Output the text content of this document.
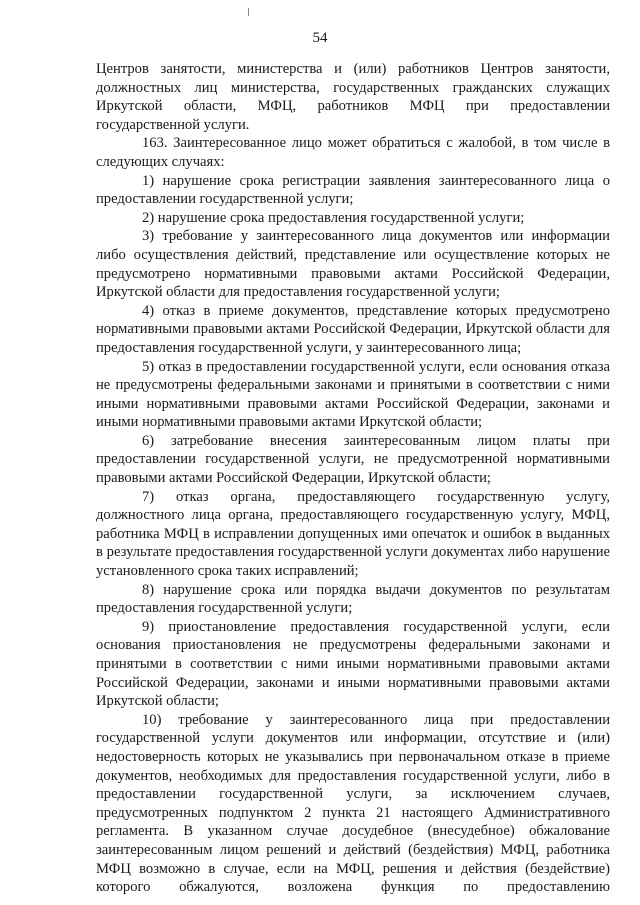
54

Центров занятости, министерства и (или) работников Центров занятости, должностных лиц министерства, государственных гражданских служащих Иркутской области, МФЦ, работников МФЦ при предоставлении государственной услуги.

163. Заинтересованное лицо может обратиться с жалобой, в том числе в следующих случаях:

1) нарушение срока регистрации заявления заинтересованного лица о предоставлении государственной услуги;

2) нарушение срока предоставления государственной услуги;

3) требование у заинтересованного лица документов или информации либо осуществления действий, представление или осуществление которых не предусмотрено нормативными правовыми актами Российской Федерации, Иркутской области для предоставления государственной услуги;

4) отказ в приеме документов, представление которых предусмотрено нормативными правовыми актами Российской Федерации, Иркутской области для предоставления государственной услуги, у заинтересованного лица;

5) отказ в предоставлении государственной услуги, если основания отказа не предусмотрены федеральными законами и принятыми в соответствии с ними иными нормативными правовыми актами Российской Федерации, законами и иными нормативными правовыми актами Иркутской области;

6) затребование внесения заинтересованным лицом платы при предоставлении государственной услуги, не предусмотренной нормативными правовыми актами Российской Федерации, Иркутской области;

7) отказ органа, предоставляющего государственную услугу, должностного лица органа, предоставляющего государственную услугу, МФЦ, работника МФЦ в исправлении допущенных ими опечаток и ошибок в выданных в результате предоставления государственной услуги документах либо нарушение установленного срока таких исправлений;

8) нарушение срока или порядка выдачи документов по результатам предоставления государственной услуги;

9) приостановление предоставления государственной услуги, если основания приостановления не предусмотрены федеральными законами и принятыми в соответствии с ними иными нормативными правовыми актами Российской Федерации, законами и иными нормативными правовыми актами Иркутской области;

10) требование у заинтересованного лица при предоставлении государственной услуги документов или информации, отсутствие и (или) недостоверность которых не указывались при первоначальном отказе в приеме документов, необходимых для предоставления государственной услуги, либо в предоставлении государственной услуги, за исключением случаев, предусмотренных подпунктом 2 пункта 21 настоящего Административного регламента. В указанном случае досудебное (внесудебное) обжалование заинтересованным лицом решений и действий (бездействия) МФЦ, работника МФЦ возможно в случае, если на МФЦ, решения и действия (бездействие) которого обжалуются, возложена функция по предоставлению
